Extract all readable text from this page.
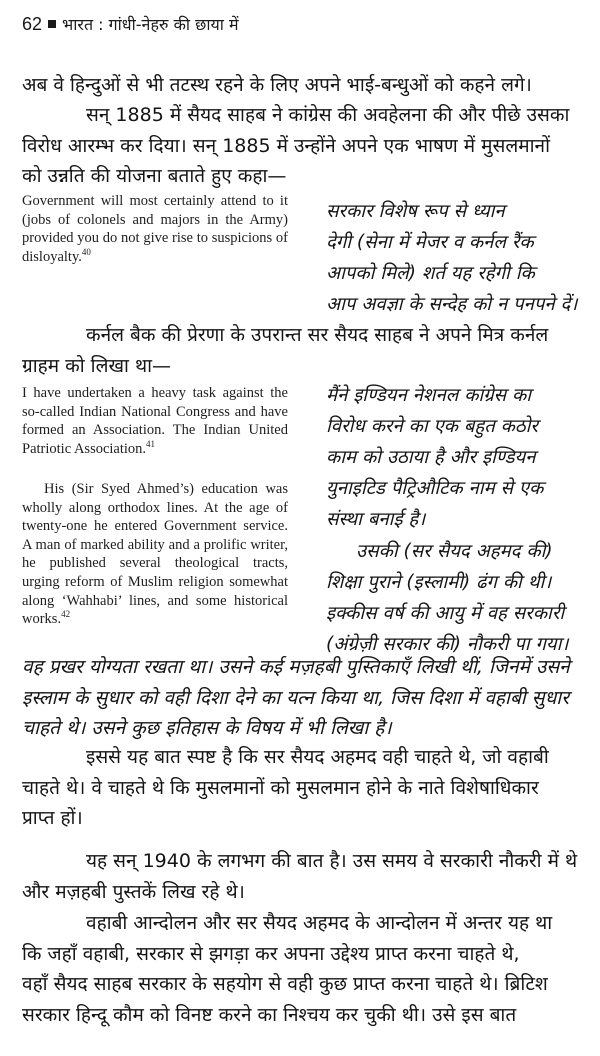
62 भारत : गांधी-नेहरु की छाया में

अब वे हिन्दुओं से भी तटस्थ रहने के लिए अपने भाई-बन्धुओं को कहने लगे।

सन् 1885 में सैयद साहब ने कांग्रेस की अवहेलना की और पीछे उसका
विरोध आरम्भ कर दिया। सन् 1885 में उन्होंने अपने एक भाषण में मुसलमानों
को उन्नति की योजना बताते हुए कहा—

Government will most certainly attend to it (jobs of colonels and majors in the Army) provided you do not give rise to suspicions of disloyalty.$^{40}$

सरकार विशेष रूप से ध्यान
देगी (सेना में मेजर व कर्नल रैंक
आपको मिले) शर्त यह रहेगी कि
आप अवज्ञा के सन्देह को न पनपने दें।

कर्नल बैक की प्रेरणा के उपरान्त सर सैयद साहब ने अपने मित्र कर्नल
ग्राहम को लिखा था—

I have undertaken a heavy task against the so-called Indian National Congress and have formed an Association. The Indian United Patriotic Association.$^{41}$

मैंने इण्डियन नेशनल कांग्रेस का
विरोध करने का एक बहुत कठोर
काम को उठाया है और इण्डियन
युनाइटिड पैट्रिऔटिक नाम से एक
संस्था बनाई है।

His (Sir Syed Ahmed’s) education was wholly along orthodox lines. At the age of twenty-one he entered Government service. A man of marked ability and a prolific writer, he published several theological tracts, urging reform of Muslim religion somewhat along ‘Wahhabi’ lines, and some historical works.$^{42}$

उसकी (सर सैयद अहमद की)
शिक्षा पुराने (इस्लामी) ढंग की थी।
इक्कीस वर्ष की आयु में वह सरकारी
(अंग्रेज़ी सरकार की) नौकरी पा गया।

वह प्रखर योग्यता रखता था। उसने कई मज़हबी पुस्तिकाएँ लिखी थीं, जिनमें उसने
इस्लाम के सुधार को वही दिशा देने का यत्न किया था, जिस दिशा में वहाबी सुधार
चाहते थे। उसने कुछ इतिहास के विषय में भी लिखा है।

इससे यह बात स्पष्ट है कि सर सैयद अहमद वही चाहते थे, जो वहाबी
चाहते थे। वे चाहते थे कि मुसलमानों को मुसलमान होने के नाते विशेषाधिकार
प्राप्त हों।

यह सन् 1940 के लगभग की बात है। उस समय वे सरकारी नौकरी में थे
और मज़हबी पुस्तकें लिख रहे थे।

वहाबी आन्दोलन और सर सैयद अहमद के आन्दोलन में अन्तर यह था
कि जहाँ वहाबी, सरकार से झगड़ा कर अपना उद्देश्य प्राप्त करना चाहते थे,
वहाँ सैयद साहब सरकार के सहयोग से वही कुछ प्राप्त करना चाहते थे। ब्रिटिश
सरकार हिन्दू कौम को विनष्ट करने का निश्चय कर चुकी थी। उसे इस बात
